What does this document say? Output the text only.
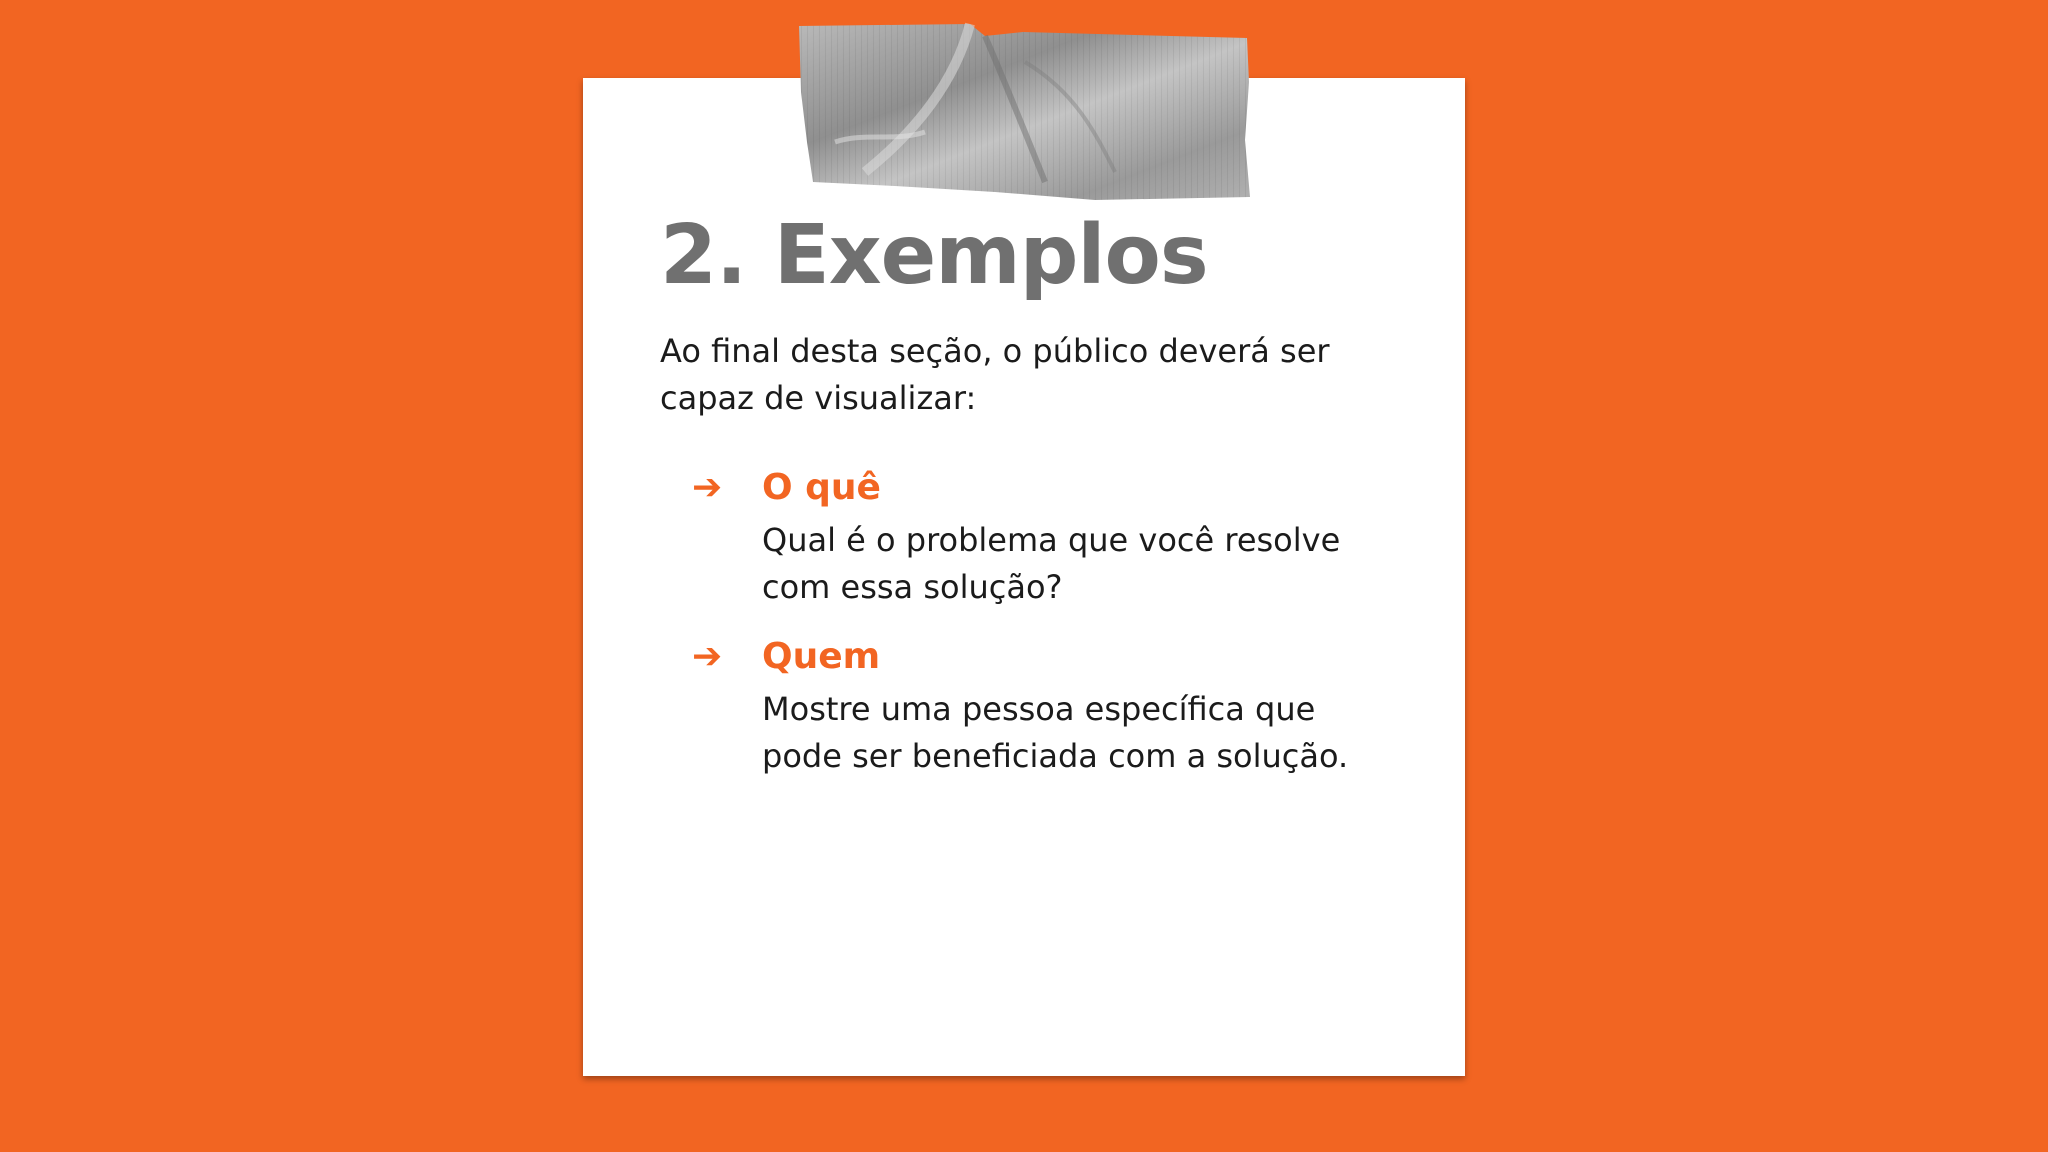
2. Exemplos

Ao final desta seção, o público deverá ser capaz de visualizar:

➔ O quê

Qual é o problema que você resolve com essa solução?

➔ Quem

Mostre uma pessoa específica que pode ser beneficiada com a solução.
